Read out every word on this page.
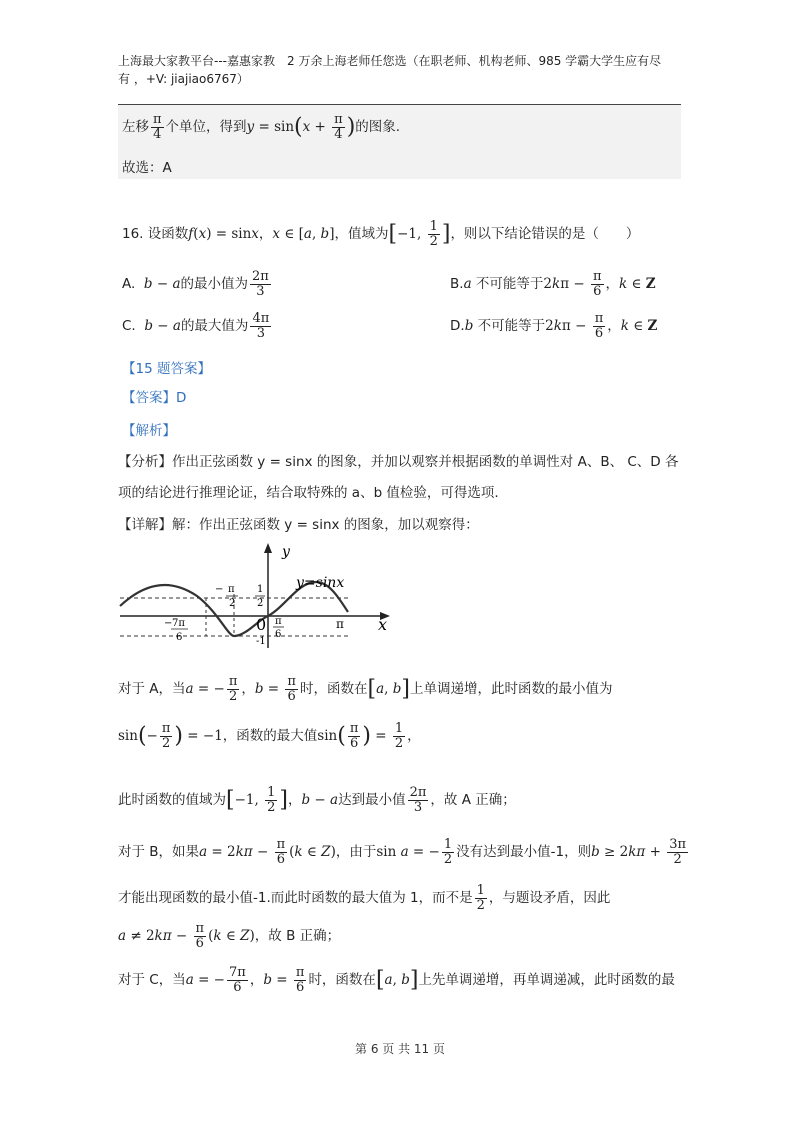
上海最大家教平台---嘉惠家教　2 万余上海老师任您选（在职老师、机构老师、985 学霸大学生应有尽
有 ，+V: jiajiao6767）
左移 $\frac{\pi}{4}$ 个单位，得到$y = \sin(x + \frac{\pi}{4}$ )的图象.
故选：A
16. 设函数f(x) = sinx，x ∈ [a, b]，值域为[−1, $\frac{1}{2}$ ]，则以下结论错误的是（　　）
A. b − a的最小值为 $\frac{2\pi}{3}$	B.a 不可能等于$2k\pi - \frac{\pi}{6}$ ，k ∈ Z
C. b − a的最大值为 $\frac{4\pi}{3}$	D.b 不可能等于$2k\pi - \frac{\pi}{6}$ ，k ∈ Z
【15 题答案】
【答案】D
【解析】
【分析】作出正弦函数 y = sinx 的图象，并加以观察并根据函数的单调性对 A、B、 C、D 各
项的结论进行推理论证，结合取特殊的 a、b 值检验，可得选项.
【详解】解：作出正弦函数 y = sinx 的图象，加以观察得：
y
x
y=sinx
π
−
2
1
2
− 7π
6
0 π
6
π
-1
对于 A，当a = − $\frac{\pi}{2}$ ，$b = \frac{\pi}{6}$ 时，函数在[a, b]上单调递增，此时函数的最小值为
$\sin(- \frac{\pi}{2}$ ) = −1，函数的最大值$\sin( \frac{\pi}{6}$ ) = $\frac{1}{2}$ ，
此时函数的值域为[−1, $\frac{1}{2}$ ]，b − a达到最小值 $\frac{2\pi}{3}$ ，故 A 正确；
对于 B，如果$a = 2k\pi - \frac{\pi}{6} (k$ ∈ Z)，由于sin a = − $\frac{1}{2}$ 没有达到最小值-1，则$b \ge 2k\pi + \frac{3\pi}{2}$
才能出现函数的最小值-1.而此时函数的最大值为 1，而不是 $\frac{1}{2}$ ，与题设矛盾，因此
$a \ne 2k\pi - \frac{\pi}{6} (k$ ∈ Z)，故 B 正确；
对于 C，当a = − $\frac{7\pi}{6}$ ，$b = \frac{\pi}{6}$ 时，函数在[a, b]上先单调递增，再单调递减，此时函数的最
第 6 页 共 11 页
